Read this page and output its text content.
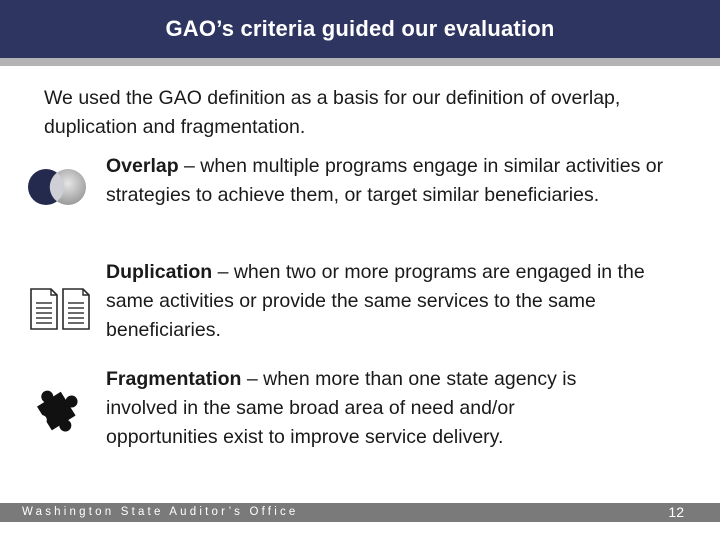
GAO’s criteria guided our evaluation
We used the GAO definition as a basis for our definition of overlap, duplication and fragmentation.
Overlap – when multiple programs engage in similar activities or strategies to achieve them, or target similar beneficiaries.
Duplication – when two or more programs are engaged in the same activities or provide the same services to the same beneficiaries.
Fragmentation – when more than one state agency is involved in the same broad area of need and/or opportunities exist to improve service delivery.
Washington State Auditor’s Office	12
